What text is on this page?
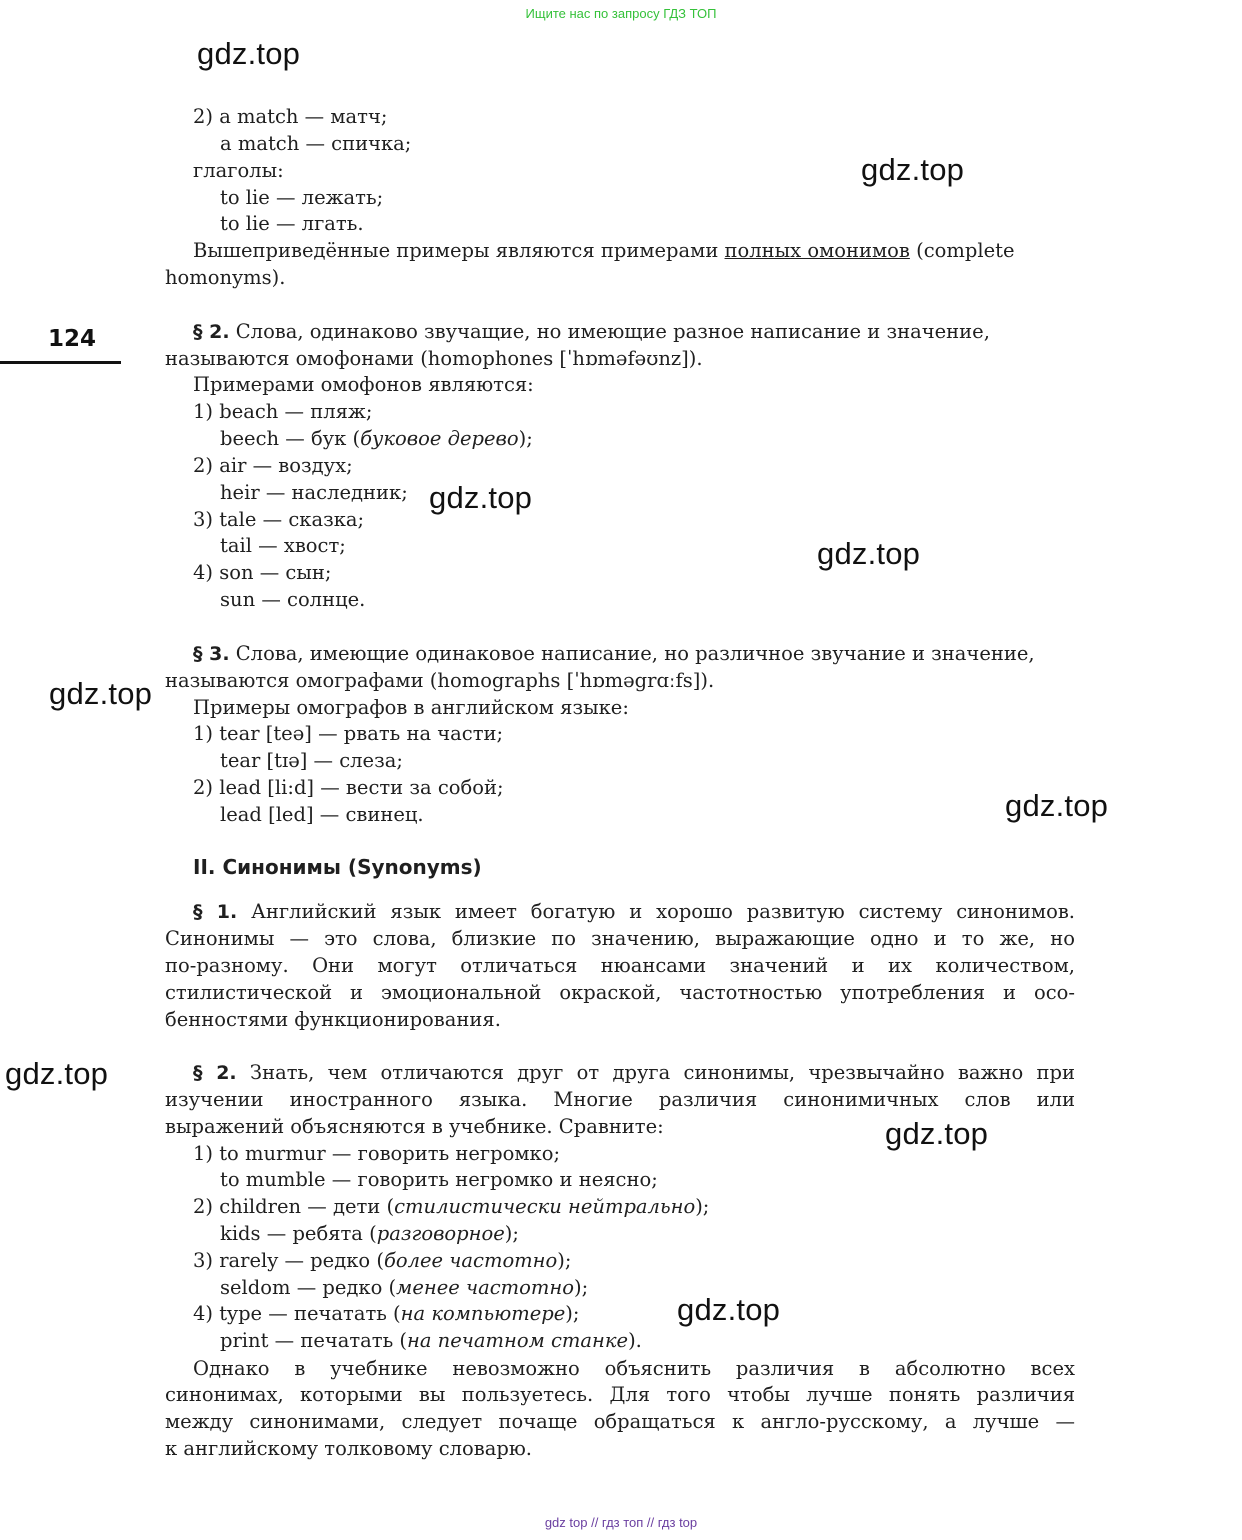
Ищите нас по запросу ГДЗ ТОП
gdz.top
gdz.top
gdz.top
gdz.top
gdz.top
gdz.top
gdz.top
gdz.top
gdz.top
124
2) a match — матч;
a match — спичка;
глаголы:
to lie — лежать;
to lie — лгать.
Вышеприведённые примеры являются примерами полных омонимов (complete
homonyms).
§ 2. Слова, одинаково звучащие, но имеющие разное написание и значение,
называются омофонами (homophones [ˈhɒməfəʊnz]).
Примерами омофонов являются:
1) beach — пляж;
beech — бук (буковое дерево);
2) air — воздух;
heir — наследник;
3) tale — сказка;
tail — хвост;
4) son — сын;
sun — солнце.
§ 3. Слова, имеющие одинаковое написание, но различное звучание и значение,
называются омографами (homographs [ˈhɒməgrɑːfs]).
Примеры омографов в английском языке:
1) tear [teə] — рвать на части;
tear [tɪə] — слеза;
2) lead [li:d] — вести за собой;
lead [led] — свинец.
II. Синонимы (Synonyms)
§ 1. Английский язык имеет богатую и хорошо развитую систему синонимов.
Синонимы — это слова, близкие по значению, выражающие одно и то же, но
по-разному. Они могут отличаться нюансами значений и их количеством,
стилистической и эмоциональной окраской, частотностью употребления и осо-
бенностями функционирования.
§ 2. Знать, чем отличаются друг от друга синонимы, чрезвычайно важно при
изучении иностранного языка. Многие различия синонимичных слов или
выражений объясняются в учебнике. Сравните:
1) to murmur — говорить негромко;
to mumble — говорить негромко и неясно;
2) children — дети (стилистически нейтрально);
kids — ребята (разговорное);
3) rarely — редко (более частотно);
seldom — редко (менее частотно);
4) type — печатать (на компьютере);
print — печатать (на печатном станке).
Однако в учебнике невозможно объяснить различия в абсолютно всех
синонимах, которыми вы пользуетесь. Для того чтобы лучше понять различия
между синонимами, следует почаще обращаться к англо-русскому, а лучше —
к английскому толковому словарю.
gdz top // гдз топ // гдз top
